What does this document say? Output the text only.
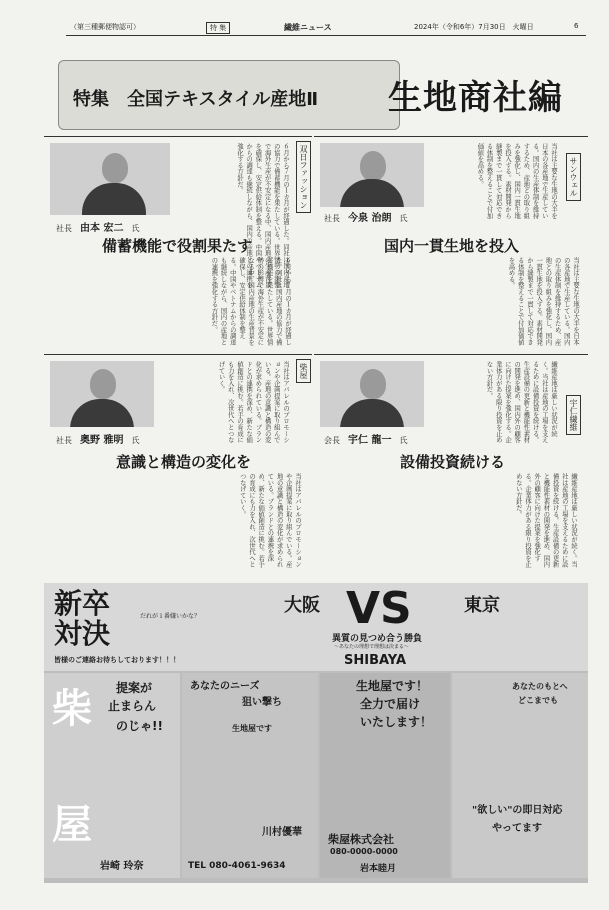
（第三種郵便物認可）	特 集	繊維ニュース	2024年（令和6年）7月30日　火曜日	6
特集　全国テキスタイル産地Ⅱ 生地商社編
社長　 由本 宏二　 氏	６月から７月の１カ月が経過した。同社は国内産地の協力で備蓄機能を果たしている。世界情勢の影響で海外生産が不安定になる中、国内産地の生産背景を確保し、安定供給体制を整える。中国やベトナムからの調達も継続しながら、国内の産地との連携を強化する方針だ。
６月から７月の１カ月が経過した。同社は国内産地の協力で備蓄機能を果たしている。世界情勢の影響で海外生産が不安定になる中、国内産地の生産背景を確保し、安定供給体制を整える。中国やベトナムからの調達も継続しながら、国内の産地との連携を強化する方針だ。
双日ファッション
備蓄機能で役割果たす
当社は主要な生地の大半を日本の各産地で生産している。国内の生産体制を維持するため、産地との取り組みを強化し、国内一貫生地を投入する。素材開発から縫製まで一貫して対応できる体制を整えることで付加価値を高める。
社長　 今泉 治朗　 氏
サンウェル
国内一貫生地を投入
当社は主要な生地の大半を日本の各産地で生産している。国内の生産体制を維持するため、産地との取り組みを強化し、国内一貫生地を投入する。素材開発から縫製まで一貫して対応できる体制を整えることで付加価値を高める。
社長　 奥野 雅明　 氏	当社はアパレルのプロモーションや企画提案に取り組んでいる。産地の意識と構造の変化が求められている。ブランドとの連携を深め、新たな価値創造に挑む。若手の育成にも力を入れ、次世代へとつなげていく。	柴屋
意識と構造の変化を
当社はアパレルのプロモーションや企画提案に取り組んでいる。産地の意識と構造の変化が求められている。ブランドとの連携を深め、新たな価値創造に挑む。若手の育成にも力を入れ、次世代へとつなげていく。
繊維産地は厳しい状況が続く。当社は産地の工場を支えるために設備投資を続ける。生産設備の更新と機能性素材の開発を進め、国内外の顧客に向けた提案を強化する。企業体力がある限り投資を止めない方針だ。
会長　 宇仁 龍一　 氏
宇仁繊維
設備投資続ける
繊維産地は厳しい状況が続く。当社は産地の工場を支えるために設備投資を続ける。生産設備の更新と機能性素材の開発を進め、国内外の顧客に向けた提案を強化する。企業体力がある限り投資を止めない方針だ。
新卒対決
だれが１番嫌いかな？
大阪 VS	東京
異質の見つめ合う勝負
〜あなたの理想で理想は決まる〜
SHIBAYA
皆様のご連絡お待ちしております！！！
柴
屋
提案が
止まらん
のじゃ!!
岩崎 玲奈
あなたのニーズ
狙い撃ち
生地屋です
川村優華
TEL 080-4061-9634
生地屋です！
全力で届け
いたします！
柴屋株式会社
080-0000-0000
岩本睦月
あなたのもとへ
どこまでも
"欲しい"の即日対応
やってます
